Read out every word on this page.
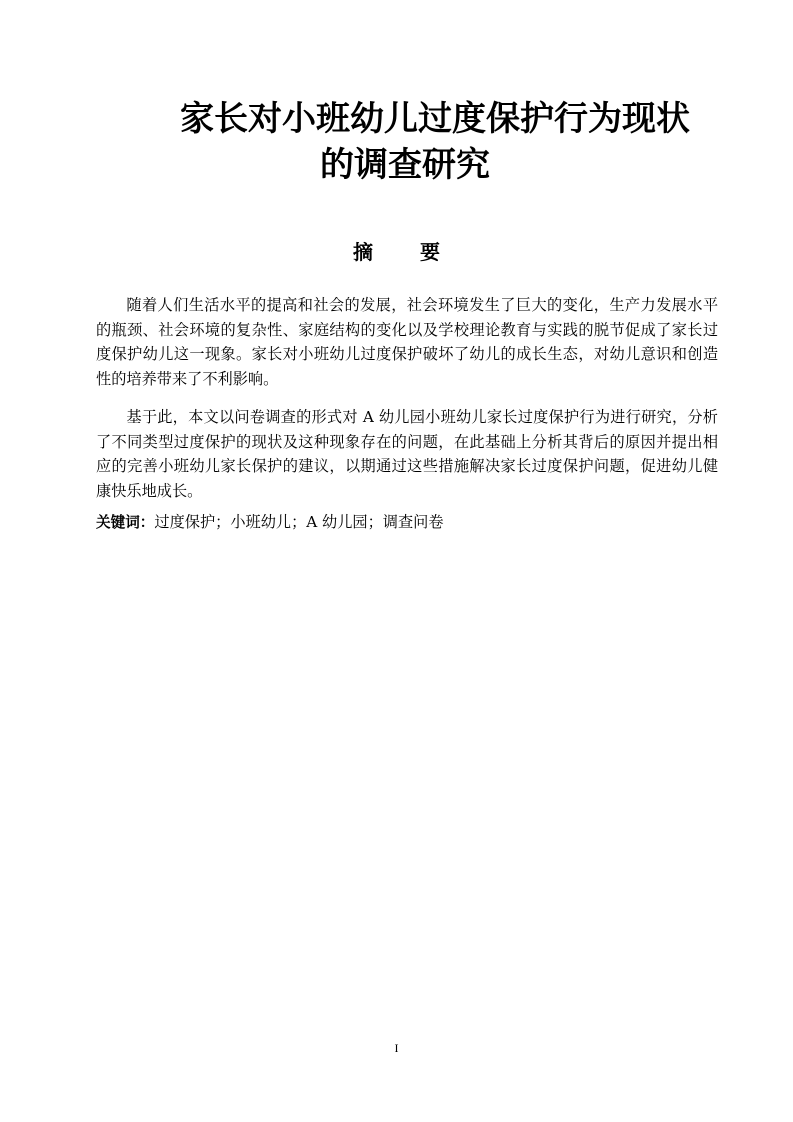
家长对小班幼儿过度保护行为现状
的调查研究
摘 要

随着人们生活水平的提高和社会的发展，社会环境发生了巨大的变化，生产力发展水平的瓶颈、社会环境的复杂性、家庭结构的变化以及学校理论教育与实践的脱节促成了家长过度保护幼儿这一现象。家长对小班幼儿过度保护破坏了幼儿的成长生态，对幼儿意识和创造性的培养带来了不利影响。

基于此，本文以问卷调查的形式对 A 幼儿园小班幼儿家长过度保护行为进行研究，分析了不同类型过度保护的现状及这种现象存在的问题，在此基础上分析其背后的原因并提出相应的完善小班幼儿家长保护的建议，以期通过这些措施解决家长过度保护问题，促进幼儿健康快乐地成长。

关键词：过度保护；小班幼儿；A 幼儿园；调查问卷

I
